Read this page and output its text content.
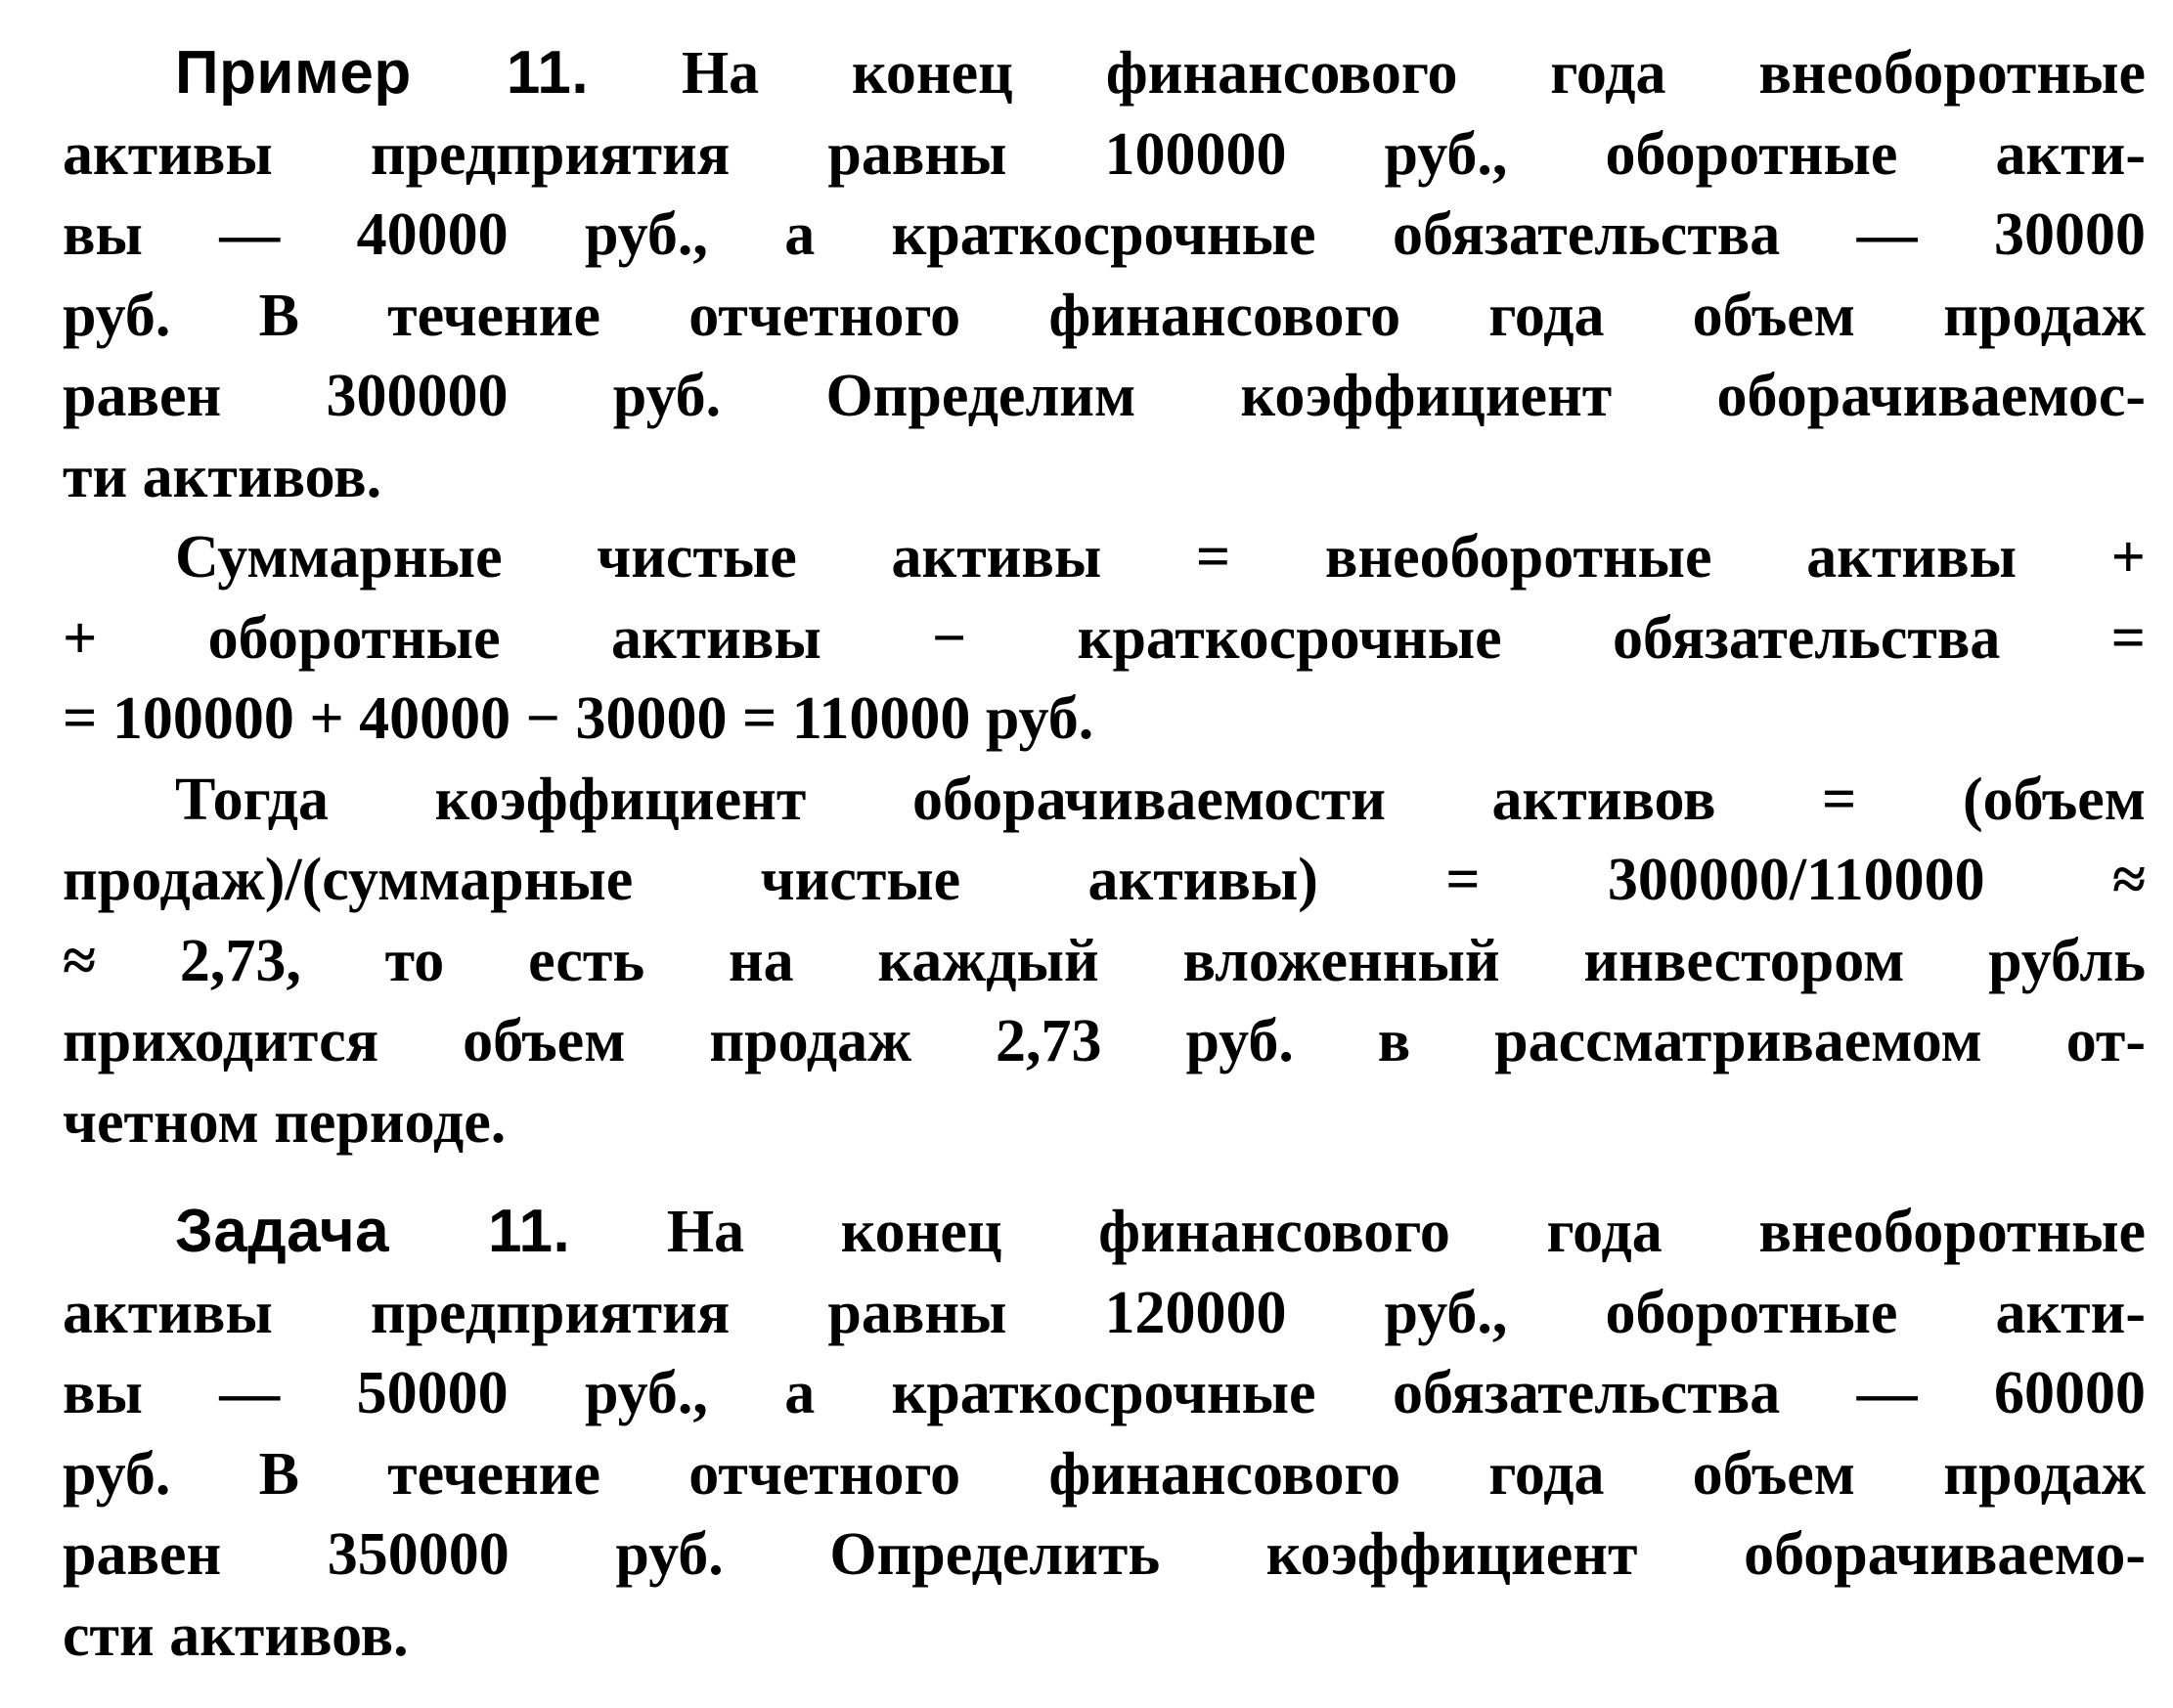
Пример 11. На конец финансового года внеоборотные
активы предприятия равны 100000 руб., оборотные акти-
вы — 40000 руб., а краткосрочные обязательства — 30000
руб. В течение отчетного финансового года объем продаж
равен 300000 руб. Определим коэффициент оборачиваемос-
ти активов.
Суммарные чистые активы = внеоборотные активы +
+ оборотные активы − краткосрочные обязательства =
= 100000 + 40000 − 30000 = 110000 руб.
Тогда коэффициент оборачиваемости активов = (объем
продаж)/(суммарные чистые активы) = 300000/110000 ≈
≈ 2,73, то есть на каждый вложенный инвестором рубль
приходится объем продаж 2,73 руб. в рассматриваемом от-
четном периоде.
Задача 11. На конец финансового года внеоборотные
активы предприятия равны 120000 руб., оборотные акти-
вы — 50000 руб., а краткосрочные обязательства — 60000
руб. В течение отчетного финансового года объем продаж
равен 350000 руб. Определить коэффициент оборачиваемо-
сти активов.
